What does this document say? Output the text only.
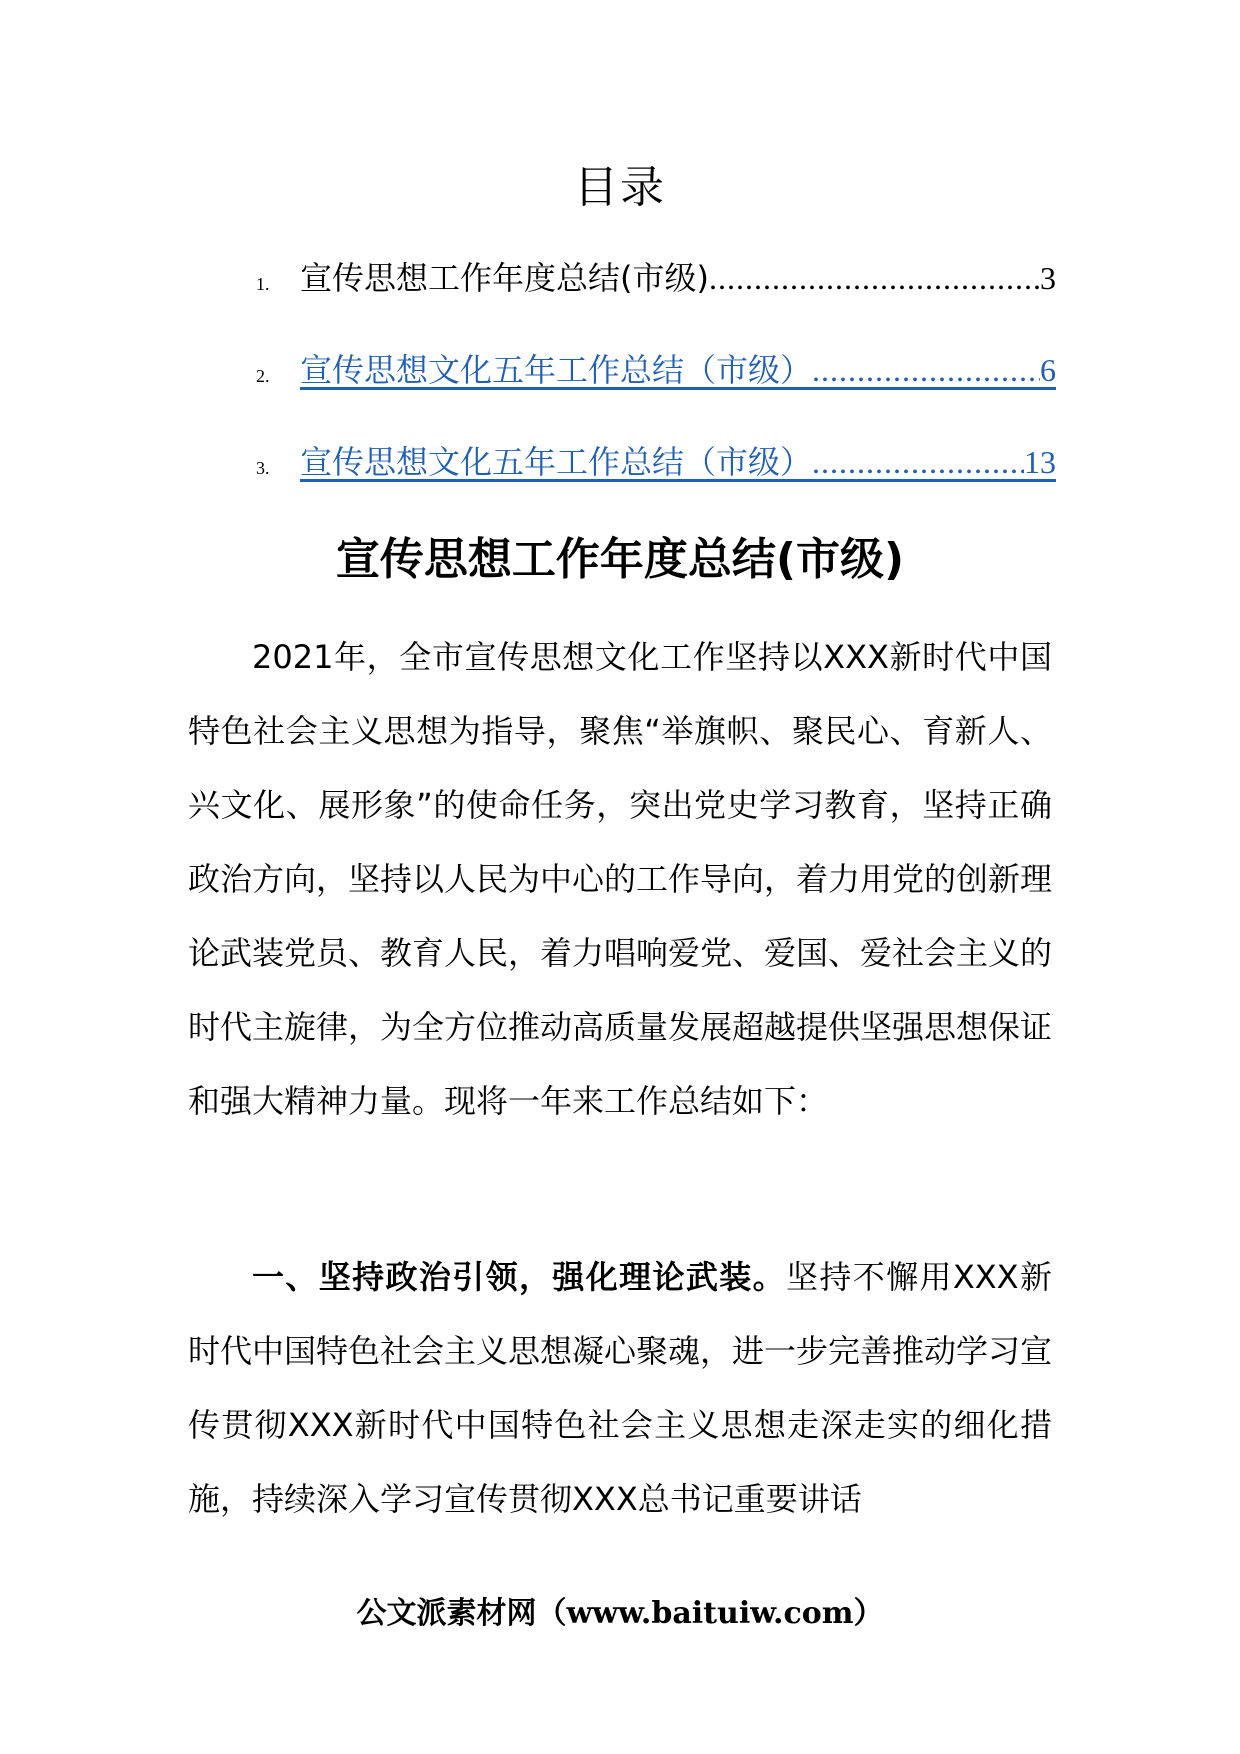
目录
1. 宣传思想工作年度总结(市级) .....	3
2. 宣传思想文化五年工作总结（市级） .....	6
3. 宣传思想文化五年工作总结（市级） .....	13
宣传思想工作年度总结(市级)

2021年，全市宣传思想文化工作坚持以XXX新时代中国特色社会主义思想为指导，聚焦“举旗帜、聚民心、育新人、兴文化、展形象”的使命任务，突出党史学习教育，坚持正确政治方向，坚持以人民为中心的工作导向，着力用党的创新理论武装党员、教育人民，着力唱响爱党、爱国、爱社会主义的时代主旋律，为全方位推动高质量发展超越提供坚强思想保证和强大精神力量。现将一年来工作总结如下：

一、坚持政治引领，强化理论武装。坚持不懈用XXX新时代中国特色社会主义思想凝心聚魂，进一步完善推动学习宣传贯彻XXX新时代中国特色社会主义思想走深走实的细化措施，持续深入学习宣传贯彻XXX总书记重要讲话

公文派素材网（www.baituiw.com）
